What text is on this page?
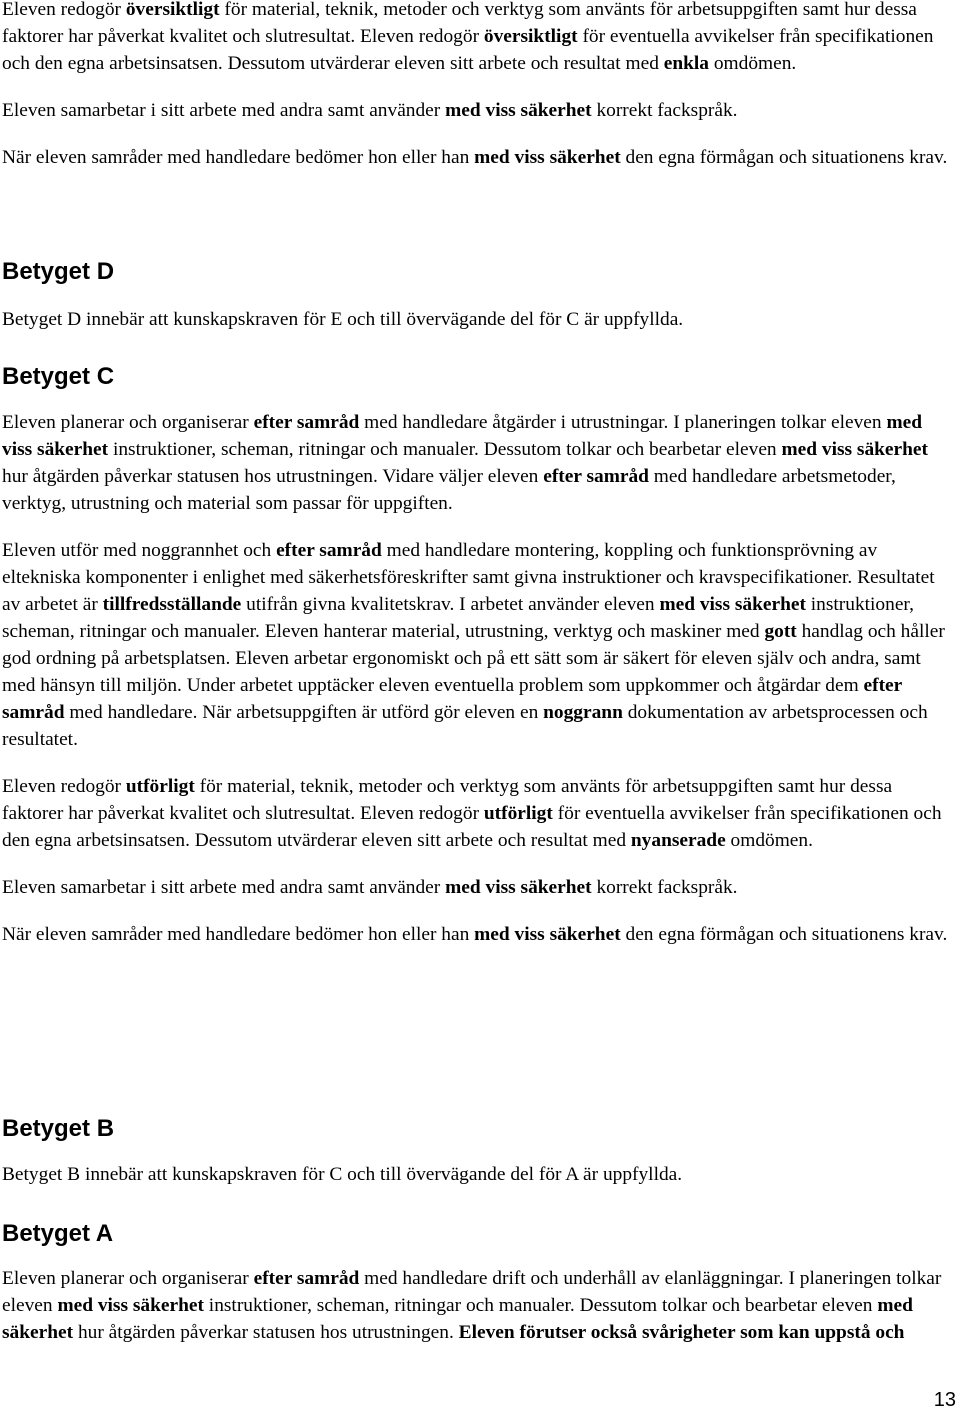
Eleven redogör översiktligt för material, teknik, metoder och verktyg som använts för arbetsuppgiften samt hur dessa faktorer har påverkat kvalitet och slutresultat. Eleven redogör översiktligt för eventuella avvikelser från specifikationen och den egna arbetsinsatsen. Dessutom utvärderar eleven sitt arbete och resultat med enkla omdömen.

Eleven samarbetar i sitt arbete med andra samt använder med viss säkerhet korrekt fackspråk.

När eleven samråder med handledare bedömer hon eller han med viss säkerhet den egna förmågan och situationens krav.

Betyget D

Betyget D innebär att kunskapskraven för E och till övervägande del för C är uppfyllda.

Betyget C

Eleven planerar och organiserar efter samråd med handledare åtgärder i utrustningar. I planeringen tolkar eleven med viss säkerhet instruktioner, scheman, ritningar och manualer. Dessutom tolkar och bearbetar eleven med viss säkerhet hur åtgärden påverkar statusen hos utrustningen. Vidare väljer eleven efter samråd med handledare arbetsmetoder, verktyg, utrustning och material som passar för uppgiften.

Eleven utför med noggrannhet och efter samråd med handledare montering, koppling och funktionsprövning av eltekniska komponenter i enlighet med säkerhetsföreskrifter samt givna instruktioner och kravspecifikationer. Resultatet av arbetet är tillfredsställande utifrån givna kvalitetskrav. I arbetet använder eleven med viss säkerhet instruktioner, scheman, ritningar och manualer. Eleven hanterar material, utrustning, verktyg och maskiner med gott handlag och håller god ordning på arbetsplatsen. Eleven arbetar ergonomiskt och på ett sätt som är säkert för eleven själv och andra, samt med hänsyn till miljön. Under arbetet upptäcker eleven eventuella problem som uppkommer och åtgärdar dem efter samråd med handledare. När arbetsuppgiften är utförd gör eleven en noggrann dokumentation av arbetsprocessen och resultatet.

Eleven redogör utförligt för material, teknik, metoder och verktyg som använts för arbetsuppgiften samt hur dessa faktorer har påverkat kvalitet och slutresultat. Eleven redogör utförligt för eventuella avvikelser från specifikationen och den egna arbetsinsatsen. Dessutom utvärderar eleven sitt arbete och resultat med nyanserade omdömen.

Eleven samarbetar i sitt arbete med andra samt använder med viss säkerhet korrekt fackspråk.

När eleven samråder med handledare bedömer hon eller han med viss säkerhet den egna förmågan och situationens krav.

Betyget B

Betyget B innebär att kunskapskraven för C och till övervägande del för A är uppfyllda.

Betyget A

Eleven planerar och organiserar efter samråd med handledare drift och underhåll av elanläggningar. I planeringen tolkar eleven med viss säkerhet instruktioner, scheman, ritningar och manualer. Dessutom tolkar och bearbetar eleven med säkerhet hur åtgärden påverkar statusen hos utrustningen. Eleven förutser också svårigheter som kan uppstå och

13
